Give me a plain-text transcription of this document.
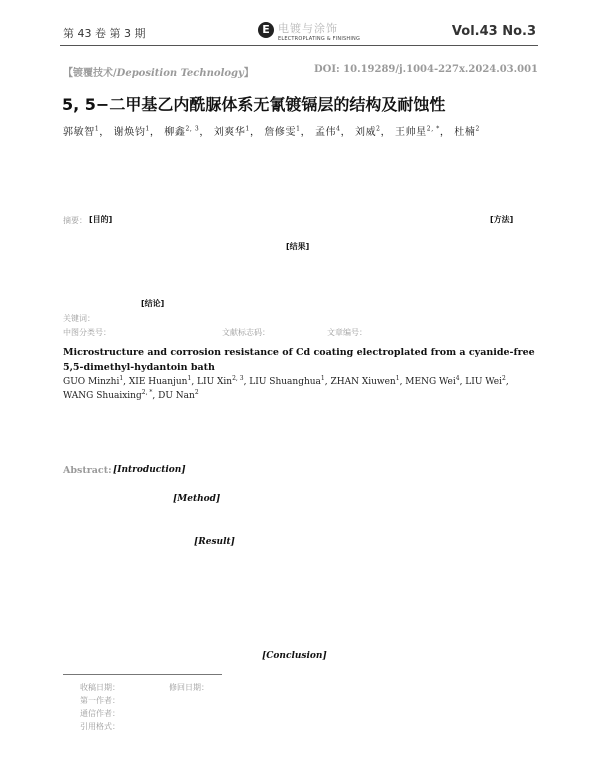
第 43 卷 第 3 期	E 电镀与涂饰
ELECTROPLATING & FINISHING	Vol.43 No.3
【镀覆技术/Deposition Technology】	DOI: 10.19289/j.1004-227x.2024.03.001
5, 5−二甲基乙内酰脲体系无氰镀镉层的结构及耐蚀性
郭敏智$^1$， 谢焕钧$^1$， 柳鑫$^{2, 3}$， 刘爽华$^1$， 詹修雯$^1$， 孟伟$^4$， 刘威$^2$， 王帅星$^{2, *}$， 杜楠$^2$
摘要： [目的]	[方法]
[结果]
[结论]
关键词：
中图分类号：	文献标志码：	文章编号：
Microstructure and corrosion resistance of Cd coating electroplated from a cyanide-free 5,5-dimethyl-hydantoin bath
GUO Minzhi$^1$, XIE Huanjun$^1$, LIU Xin$^{2, 3}$, LIU Shuanghua$^1$, ZHAN Xiuwen$^1$, MENG Wei$^4$, LIU Wei$^2$,
WANG Shuaixing$^{2, *}$, DU Nan$^2$
Abstract: [Introduction]
[Method]
[Result]
[Conclusion]
收稿日期：	修回日期：
第一作者：
通信作者：
引用格式：
